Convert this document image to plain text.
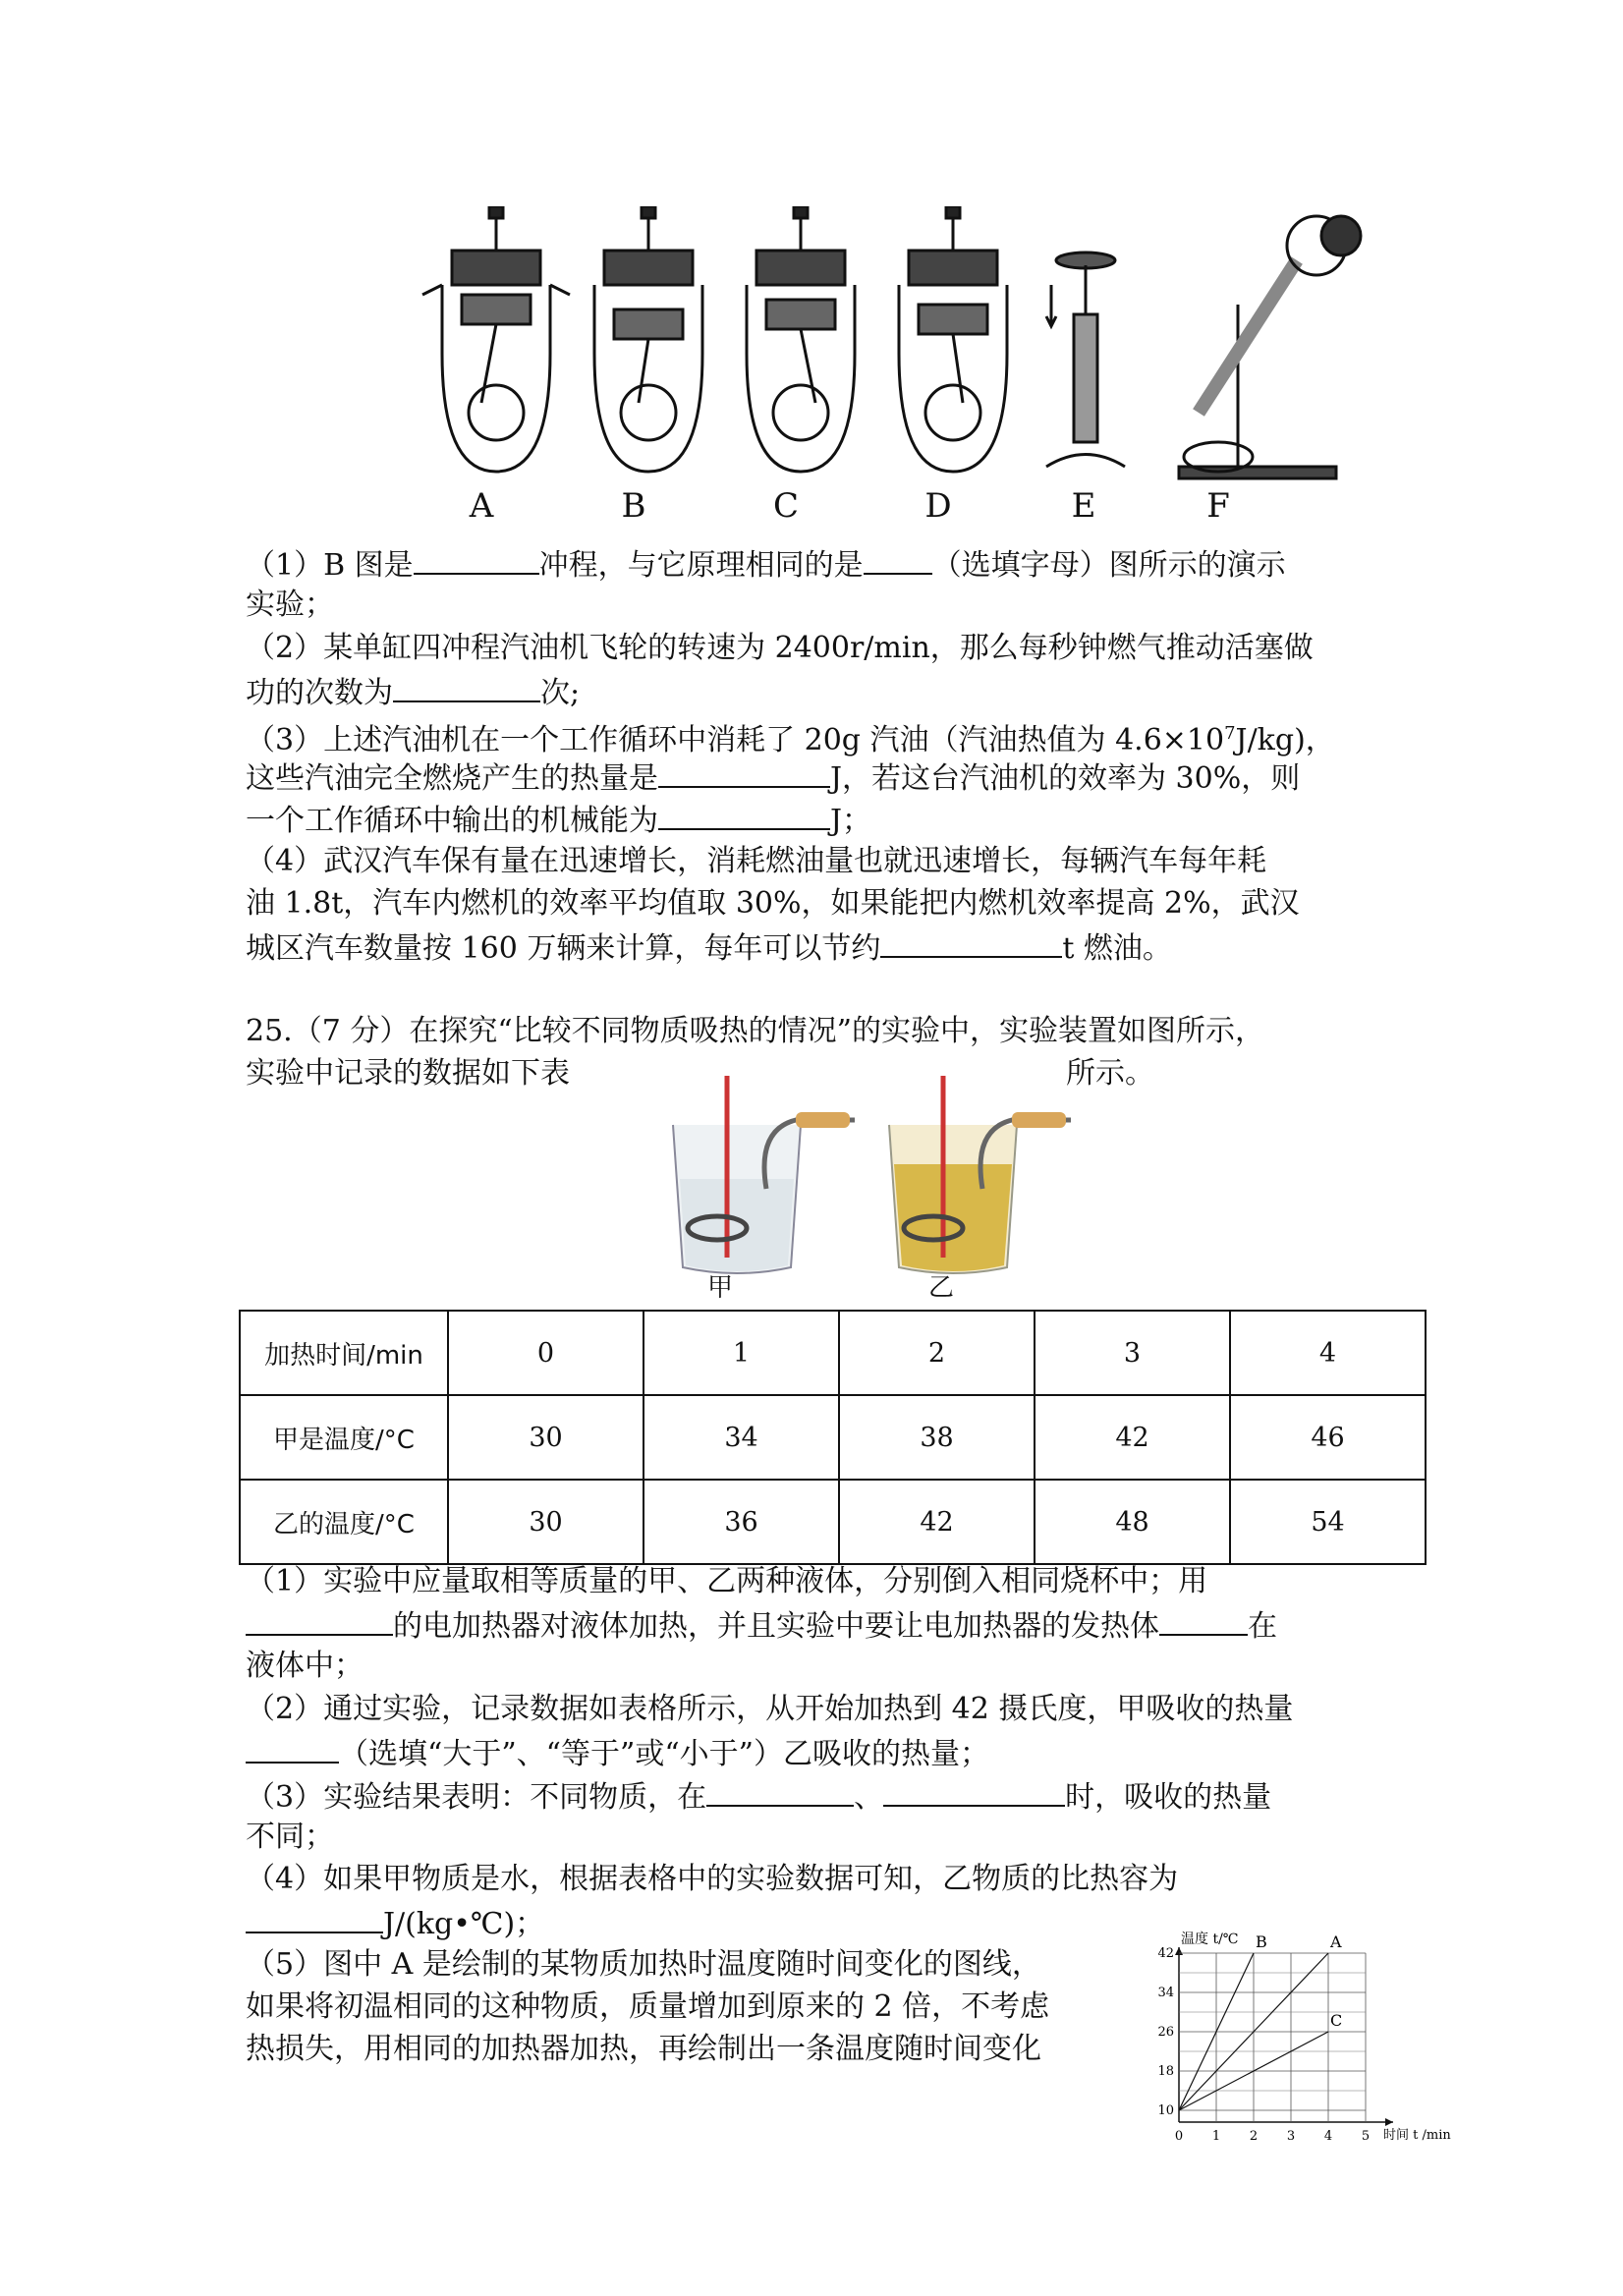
A	B	C	D	E	F
（1）B 图是	冲程，与它原理相同的是 （选填字母）图所示的演示
实验；
（2）某单缸四冲程汽油机飞轮的转速为 2400r/min，那么每秒钟燃气推动活塞做
功的次数为	次;
（3）上述汽油机在一个工作循环中消耗了 20g 汽油（汽油热值为 $4.6\times 10^7J/kg$)，
这些汽油完全燃烧产生的热量是	J，若这台汽油机的效率为 30%，则
一个工作循环中输出的机械能为	J；
（4）武汉汽车保有量在迅速增长，消耗燃油量也就迅速增长，每辆汽车每年耗
油 1.8t，汽车内燃机的效率平均值取 30%，如果能把内燃机效率提高 2%，武汉
城区汽车数量按 160 万辆来计算，每年可以节约	t 燃油。
25.（7 分）在探究“比较不同物质吸热的情况”的实验中，实验装置如图所示，
实验中记录的数据如下表	所示。
甲	乙
加热时间/min	0	1	2	3	4
甲是温度/°C	30	34	38	42	46
乙的温度/°C	30	36	42	48	54
（1）实验中应量取相等质量的甲、乙两种液体，分别倒入相同烧杯中；用
的电加热器对液体加热，并且实验中要让电加热器的发热体	在
液体中；
（2）通过实验，记录数据如表格所示，从开始加热到 42 摄氏度，甲吸收的热量
（选填“大于”、“等于”或“小于”）乙吸收的热量；
（3）实验结果表明：不同物质，在	、	时，吸收的热量
不同；
（4）如果甲物质是水，根据表格中的实验数据可知，乙物质的比热容为
J/(kg•℃)；
（5）图中 A 是绘制的某物质加热时温度随时间变化的图线，
如果将初温相同的这种物质，质量增加到原来的 2 倍，不考虑
热损失，用相同的加热器加热，再绘制出一条温度随时间变化
温度 t/℃
时间 t /min
B	A
C
0 1 2 3 4 5
10
18
26
34
42
